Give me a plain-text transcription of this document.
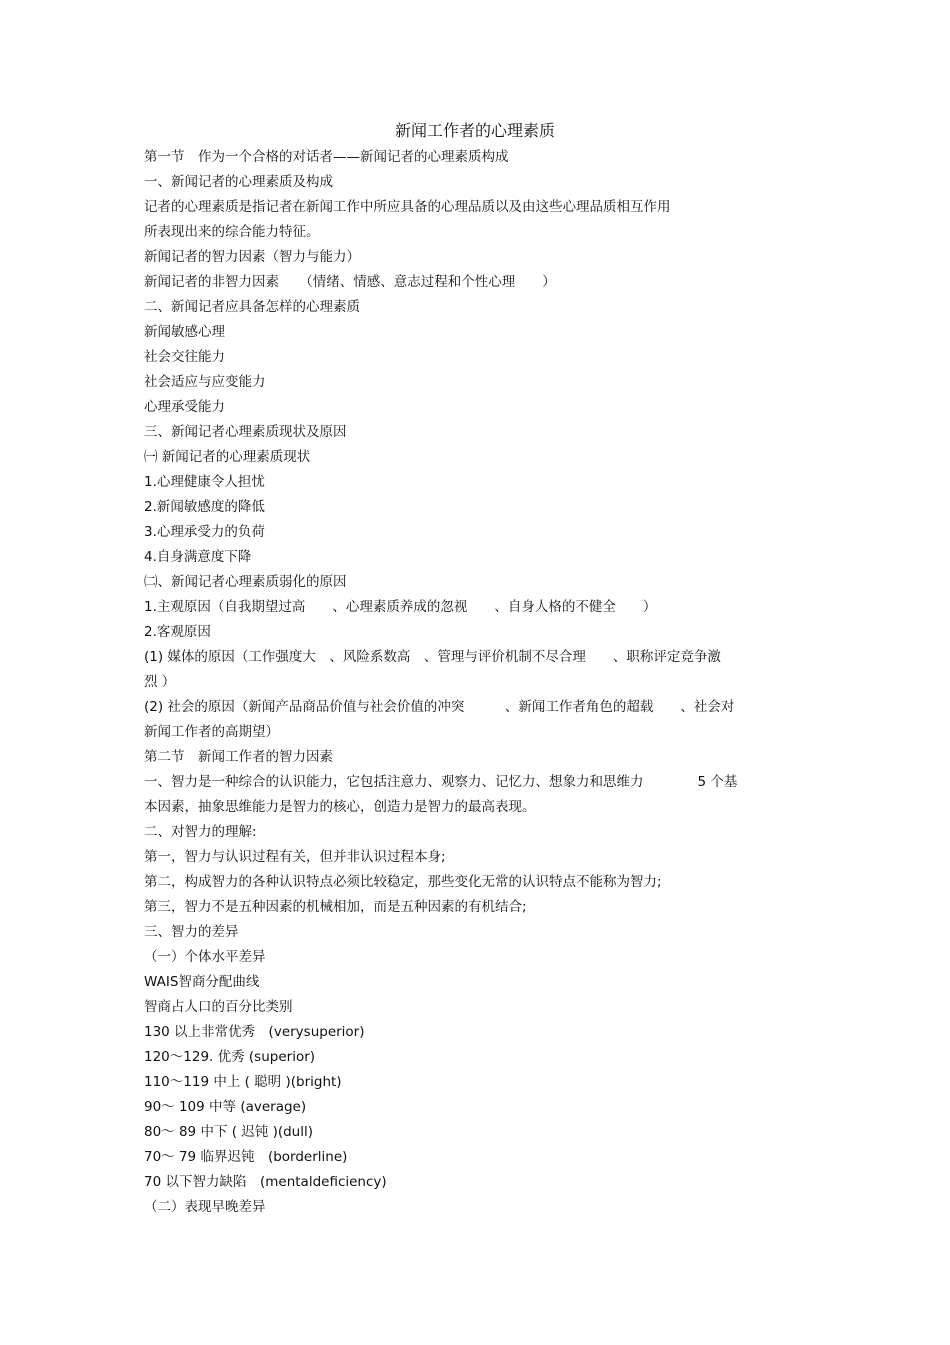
新闻工作者的心理素质
第一节　作为一个合格的对话者——新闻记者的心理素质构成
一、新闻记者的心理素质及构成
记者的心理素质是指记者在新闻工作中所应具备的心理品质以及由这些心理品质相互作用
所表现出来的综合能力特征。
新闻记者的智力因素（智力与能力）
新闻记者的非智力因素　　（情绪、情感、意志过程和个性心理　　）
二、新闻记者应具备怎样的心理素质
新闻敏感心理
社会交往能力
社会适应与应变能力
心理承受能力
三、新闻记者心理素质现状及原因
㈠ 新闻记者的心理素质现状
1.心理健康令人担忧
2.新闻敏感度的降低
3.心理承受力的负荷
4.自身满意度下降
㈡、新闻记者心理素质弱化的原因
1.主观原因（自我期望过高　　、心理素质养成的忽视　　、自身人格的不健全　　）
2.客观原因
(1) 媒体的原因（工作强度大　、风险系数高　、管理与评价机制不尽合理　　、职称评定竞争激
烈 ）
(2) 社会的原因（新闻产品商品价值与社会价值的冲突　　　、新闻工作者角色的超载　　、社会对
新闻工作者的高期望）
第二节　新闻工作者的智力因素
一、智力是一种综合的认识能力，它包括注意力、观察力、记忆力、想象力和思维力　　　　5 个基
本因素，抽象思维能力是智力的核心，创造力是智力的最高表现。
二、对智力的理解:
第一，智力与认识过程有关，但并非认识过程本身;
第二，构成智力的各种认识特点必须比较稳定，那些变化无常的认识特点不能称为智力;
第三，智力不是五种因素的机械相加，而是五种因素的有机结合;
三、智力的差异
（一）个体水平差异
WAIS智商分配曲线
智商占人口的百分比类别
130 以上非常优秀　(verysuperior)
120～129. 优秀 (superior)
110～119 中上 ( 聪明 )(bright)
90～ 109 中等 (average)
80～ 89 中下 ( 迟钝 )(dull)
70～ 79 临界迟钝　(borderline)
70 以下智力缺陷　(mentaldeficiency)
（二）表现早晚差异
